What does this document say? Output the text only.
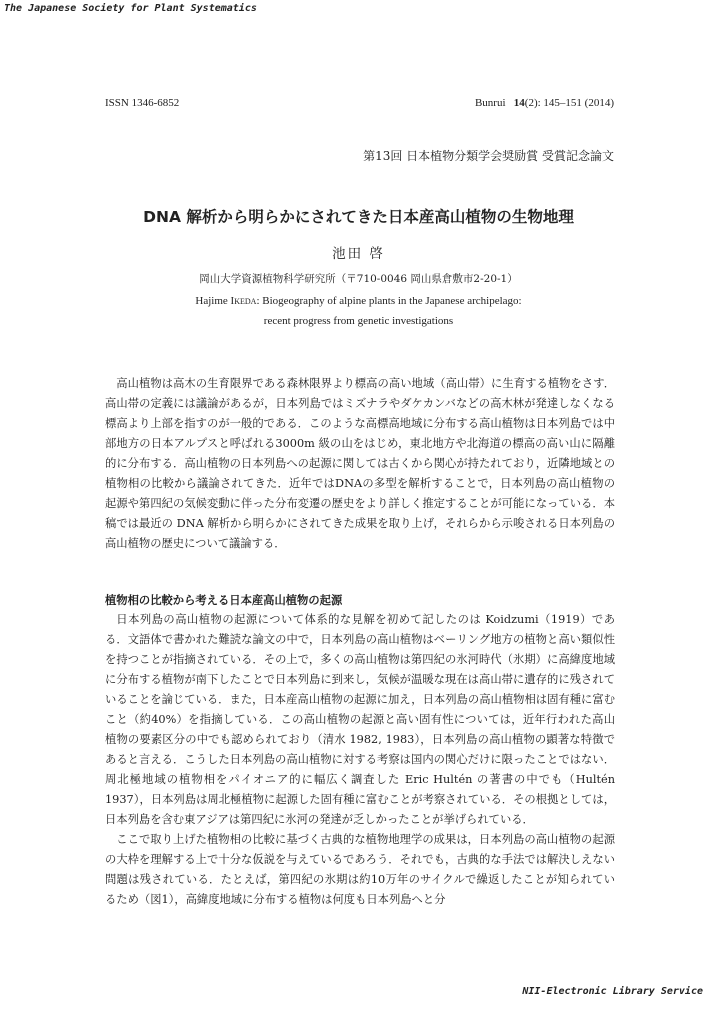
The Japanese Society for Plant Systematics
ISSN 1346-6852	Bunrui 14(2): 145–151 (2014)
第13回 日本植物分類学会奨励賞 受賞記念論文
DNA 解析から明らかにされてきた日本産高山植物の生物地理
池田 啓
岡山大学資源植物科学研究所（〒710-0046 岡山県倉敷市2-20-1）
Hajime Ikeda: Biogeography of alpine plants in the Japanese archipelago:
recent progress from genetic investigations

高山植物は高木の生育限界である森林限界より標高の高い地域（高山帯）に生育する植物をさす．高山帯の定義には議論があるが，日本列島ではミズナラやダケカンバなどの高木林が発達しなくなる標高より上部を指すのが一般的である．このような高標高地域に分布する高山植物は日本列島では中部地方の日本アルプスと呼ばれる3000m 級の山をはじめ，東北地方や北海道の標高の高い山に隔離的に分布する．高山植物の日本列島への起源に関しては古くから関心が持たれており，近隣地域との植物相の比較から議論されてきた．近年ではDNAの多型を解析することで，日本列島の高山植物の起源や第四紀の気候変動に伴った分布変遷の歴史をより詳しく推定することが可能になっている．本稿では最近の DNA 解析から明らかにされてきた成果を取り上げ，それらから示唆される日本列島の高山植物の歴史について議論する．

植物相の比較から考える日本産高山植物の起源

日本列島の高山植物の起源について体系的な見解を初めて記したのは Koidzumi（1919）である．文語体で書かれた難読な論文の中で，日本列島の高山植物はベーリング地方の植物と高い類似性を持つことが指摘されている．その上で，多くの高山植物は第四紀の氷河時代（氷期）に高緯度地域に分布する植物が南下したことで日本列島に到来し，気候が温暖な現在は高山帯に遺存的に残されていることを論じている．また，日本産高山植物の起源に加え，日本列島の高山植物相は固有種に富むこと（約40%）を指摘している．この高山植物の起源と高い固有性については，近年行われた高山植物の要素区分の中でも認められており（清水 1982, 1983），日本列島の高山植物の顕著な特徴であると言える．こうした日本列島の高山植物に対する考察は国内の関心だけに限ったことではない．周北極地域の植物相をパイオニア的に幅広く調査した Eric Hultén の著書の中でも（Hultén 1937），日本列島は周北極植物に起源した固有種に富むことが考察されている．その根拠としては，日本列島を含む東アジアは第四紀に氷河の発達が乏しかったことが挙げられている．

ここで取り上げた植物相の比較に基づく古典的な植物地理学の成果は，日本列島の高山植物の起源の大枠を理解する上で十分な仮説を与えているであろう．それでも，古典的な手法では解決しえない問題は残されている．たとえば，第四紀の氷期は約10万年のサイクルで繰返したことが知られているため（図1），高緯度地域に分布する植物は何度も日本列島へと分

NII-Electronic Library Service
